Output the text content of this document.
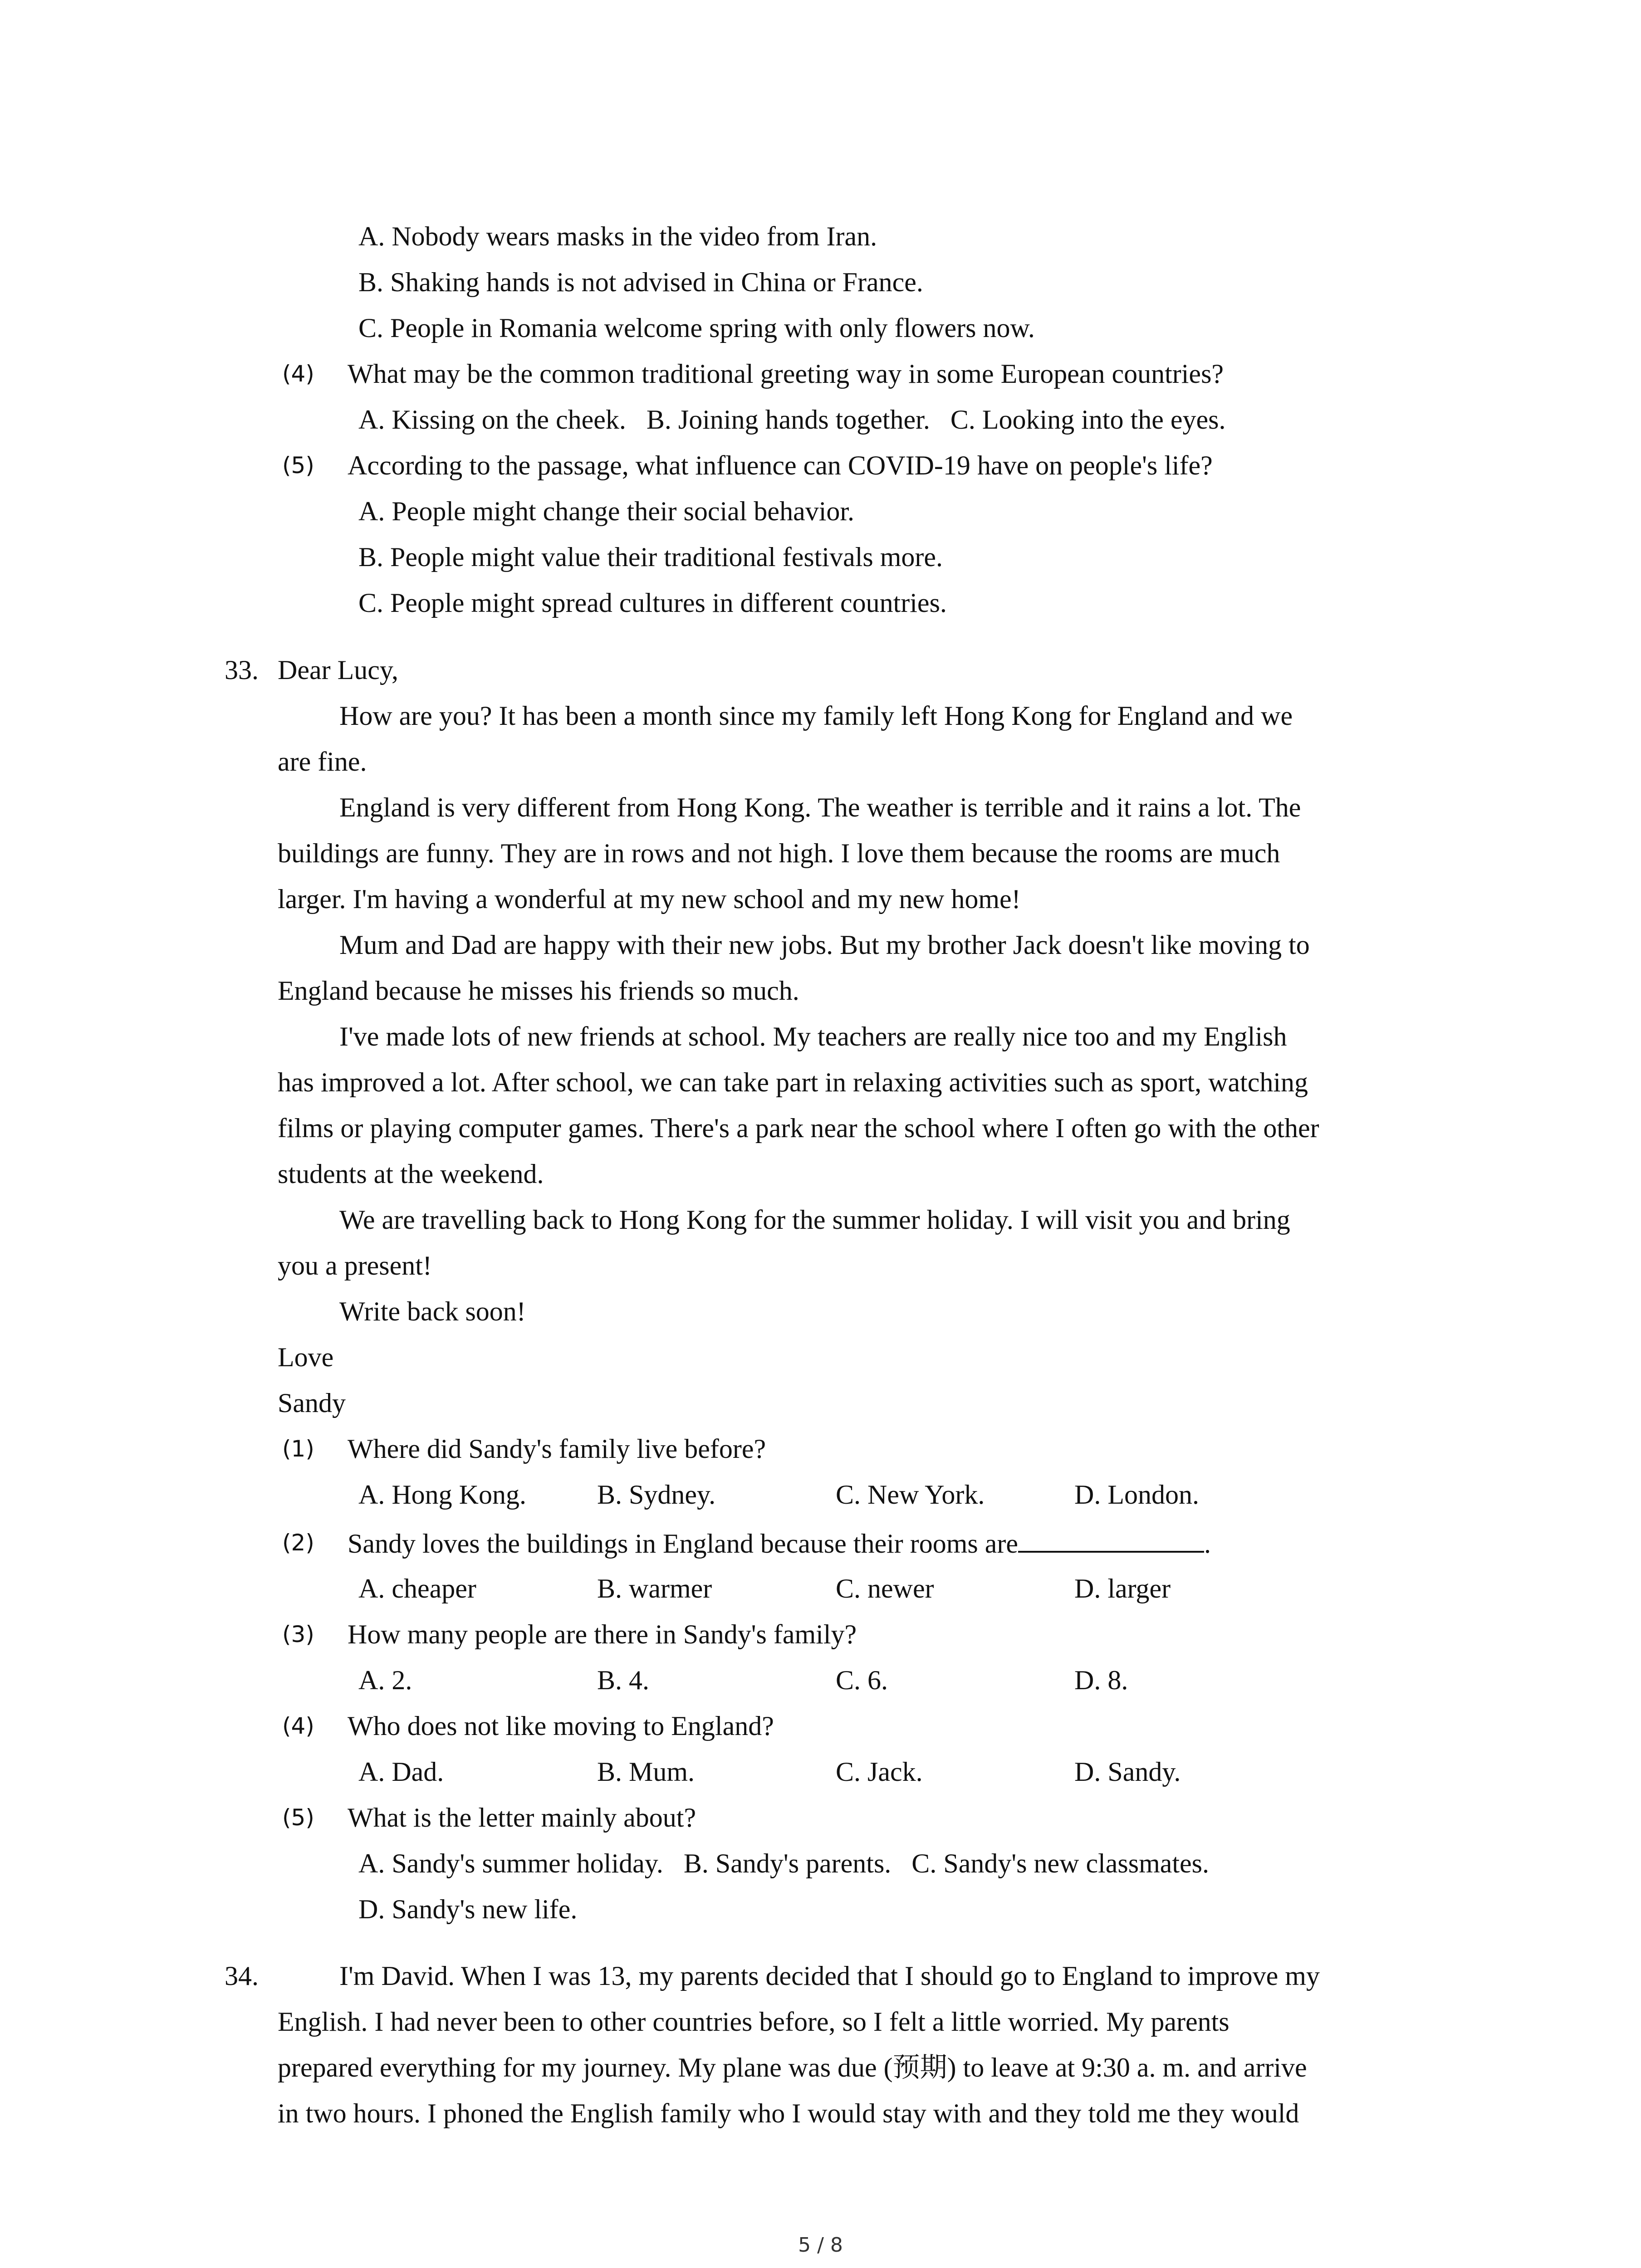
A. Nobody wears masks in the video from Iran.
B. Shaking hands is not advised in China or France.
C. People in Romania welcome spring with only flowers now.
(4) What may be the common traditional greeting way in some European countries?
A. Kissing on the cheek.   B. Joining hands together.   C. Looking into the eyes.
(5) According to the passage, what influence can COVID-19 have on people's life?
A. People might change their social behavior.
B. People might value their traditional festivals more.
C. People might spread cultures in different countries.
33. Dear Lucy,
How are you? It has been a month since my family left Hong Kong for England and we
are fine.
England is very different from Hong Kong. The weather is terrible and it rains a lot. The
buildings are funny. They are in rows and not high. I love them because the rooms are much
larger. I'm having a wonderful at my new school and my new home!
Mum and Dad are happy with their new jobs. But my brother Jack doesn't like moving to
England because he misses his friends so much.
I've made lots of new friends at school. My teachers are really nice too and my English
has improved a lot. After school, we can take part in relaxing activities such as sport, watching
films or playing computer games. There's a park near the school where I often go with the other
students at the weekend.
We are travelling back to Hong Kong for the summer holiday. I will visit you and bring
you a present!
Write back soon!
Love
Sandy
(1) Where did Sandy's family live before?
A. Hong Kong.	B. Sydney.	C. New York.	D. London.
(2) Sandy loves the buildings in England because their rooms are	.
A. cheaper	B. warmer	C. newer	D. larger
(3) How many people are there in Sandy's family?
A. 2.	B. 4.	C. 6.	D. 8.
(4) Who does not like moving to England?
A. Dad.	B. Mum.	C. Jack.	D. Sandy.
(5) What is the letter mainly about?
A. Sandy's summer holiday.   B. Sandy's parents.   C. Sandy's new classmates.
D. Sandy's new life.
34.	I'm David. When I was 13, my parents decided that I should go to England to improve my
English. I had never been to other countries before, so I felt a little worried. My parents
prepared everything for my journey. My plane was due (预期) to leave at 9:30 a. m. and arrive
in two hours. I phoned the English family who I would stay with and they told me they would
5 / 8
